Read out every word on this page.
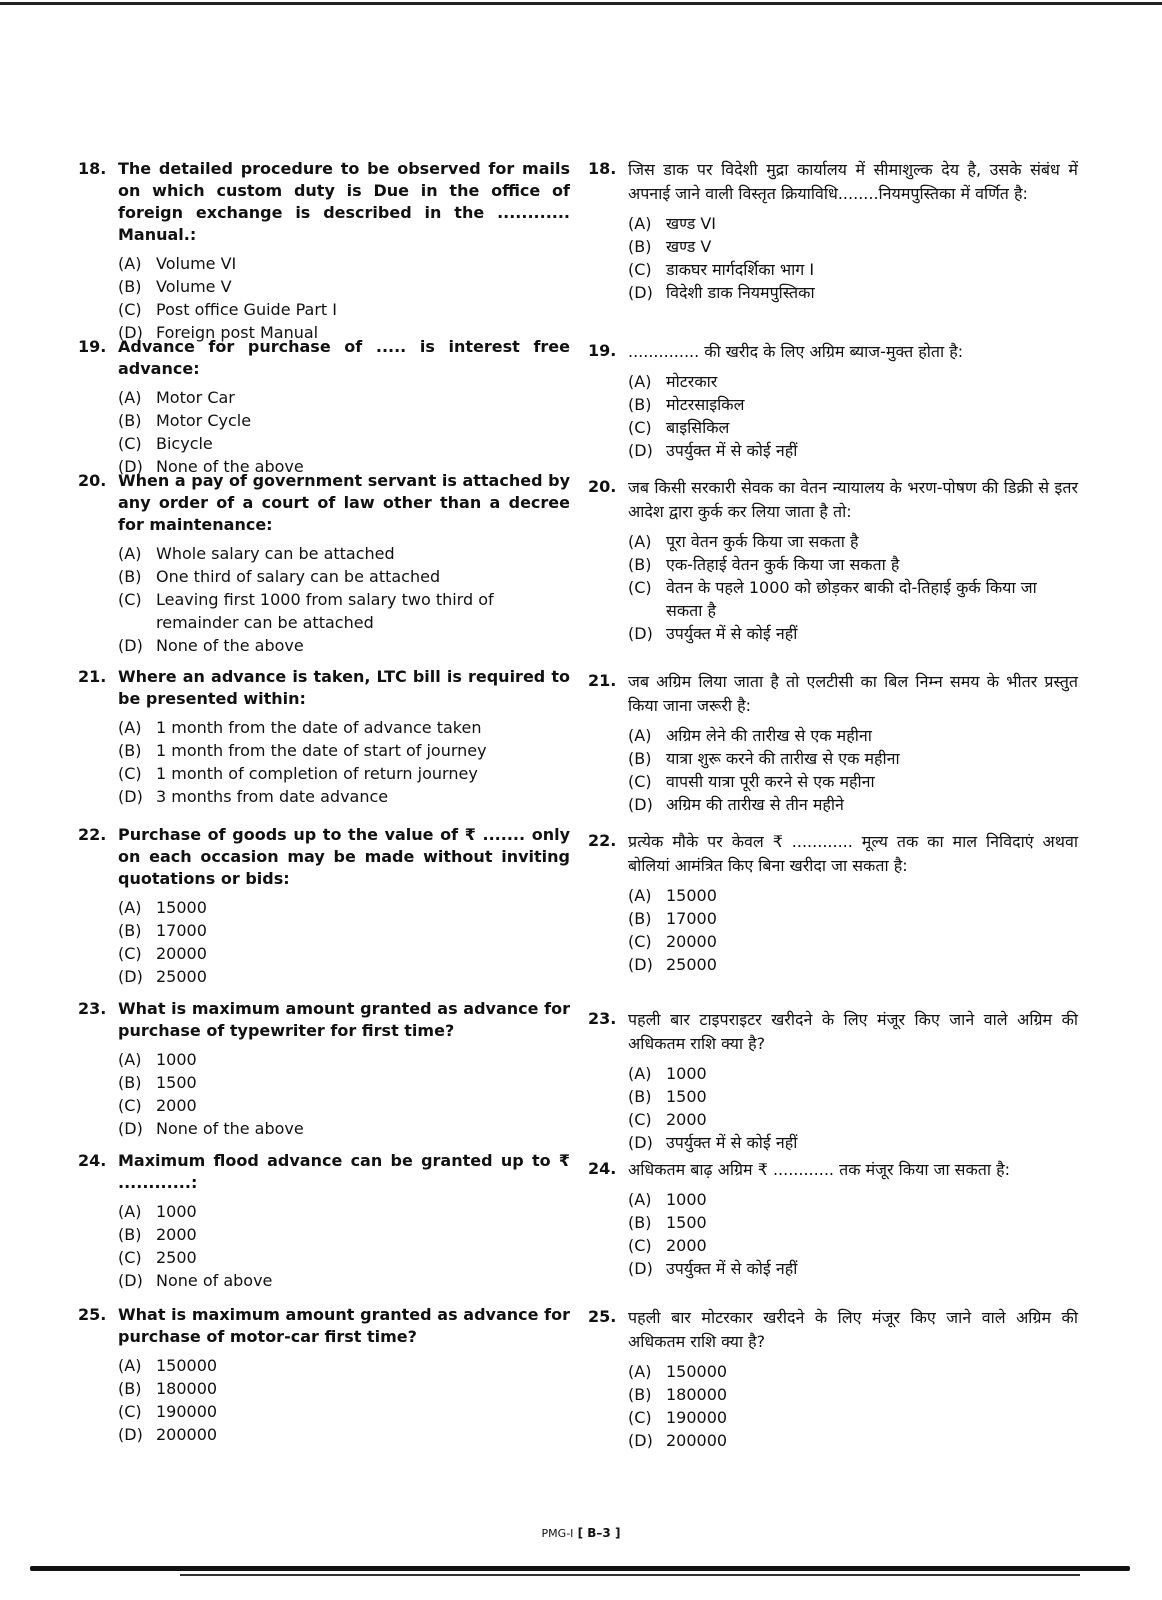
18. The detailed procedure to be observed for mails on which custom duty is Due in the office of foreign exchange is described in the ............ Manual.:
(A) Volume VI
(B) Volume V
(C) Post office Guide Part I
(D) Foreign post Manual
19. Advance for purchase of ..... is interest free advance:
(A) Motor Car
(B) Motor Cycle
(C) Bicycle
(D) None of the above
20. When a pay of government servant is attached by any order of a court of law other than a decree for maintenance:
(A) Whole salary can be attached
(B) One third of salary can be attached
(C) Leaving first 1000 from salary two third of remainder can be attached
(D) None of the above
21. Where an advance is taken, LTC bill is required to be presented within:
(A) 1 month from the date of advance taken
(B) 1 month from the date of start of journey
(C) 1 month of completion of return journey
(D) 3 months from date advance
22. Purchase of goods up to the value of ₹ ....... only on each occasion may be made without inviting quotations or bids:
(A) 15000
(B) 17000
(C) 20000
(D) 25000
23. What is maximum amount granted as advance for purchase of typewriter for first time?
(A) 1000
(B) 1500
(C) 2000
(D) None of the above
24. Maximum flood advance can be granted up to ₹ ............:
(A) 1000
(B) 2000
(C) 2500
(D) None of above
25. What is maximum amount granted as advance for purchase of motor-car first time?
(A) 150000
(B) 180000
(C) 190000
(D) 200000
18. जिस डाक पर विदेशी मुद्रा कार्यालय में सीमाशुल्क देय है, उसके संबंध में अपनाई जाने वाली विस्तृत क्रियाविधि........नियमपुस्तिका में वर्णित है:
(A) खण्ड VI
(B) खण्ड V
(C) डाकघर मार्गदर्शिका भाग I
(D) विदेशी डाक नियमपुस्तिका
19. .............. की खरीद के लिए अग्रिम ब्याज-मुक्त होता है:
(A) मोटरकार
(B) मोटरसाइकिल
(C) बाइसिकिल
(D) उपर्युक्त में से कोई नहीं
20. जब किसी सरकारी सेवक का वेतन न्यायालय के भरण-पोषण की डिक्री से इतर आदेश द्वारा कुर्क कर लिया जाता है तो:
(A) पूरा वेतन कुर्क किया जा सकता है
(B) एक-तिहाई वेतन कुर्क किया जा सकता है
(C) वेतन के पहले 1000 को छोड़कर बाकी दो-तिहाई कुर्क किया जा सकता है
(D) उपर्युक्त में से कोई नहीं
21. जब अग्रिम लिया जाता है तो एलटीसी का बिल निम्न समय के भीतर प्रस्तुत किया जाना जरूरी है:
(A) अग्रिम लेने की तारीख से एक महीना
(B) यात्रा शुरू करने की तारीख से एक महीना
(C) वापसी यात्रा पूरी करने से एक महीना
(D) अग्रिम की तारीख से तीन महीने
22. प्रत्येक मौके पर केवल ₹ ............ मूल्य तक का माल निविदाएं अथवा बोलियां आमंत्रित किए बिना खरीदा जा सकता है:
(A) 15000
(B) 17000
(C) 20000
(D) 25000
23. पहली बार टाइपराइटर खरीदने के लिए मंजूर किए जाने वाले अग्रिम की अधिकतम राशि क्या है?
(A) 1000
(B) 1500
(C) 2000
(D) उपर्युक्त में से कोई नहीं
24. अधिकतम बाढ़ अग्रिम ₹ ............ तक मंजूर किया जा सकता है:
(A) 1000
(B) 1500
(C) 2000
(D) उपर्युक्त में से कोई नहीं
25. पहली बार मोटरकार खरीदने के लिए मंजूर किए जाने वाले अग्रिम की अधिकतम राशि क्या है?
(A) 150000
(B) 180000
(C) 190000
(D) 200000
PMG-I [ B–3 ]
